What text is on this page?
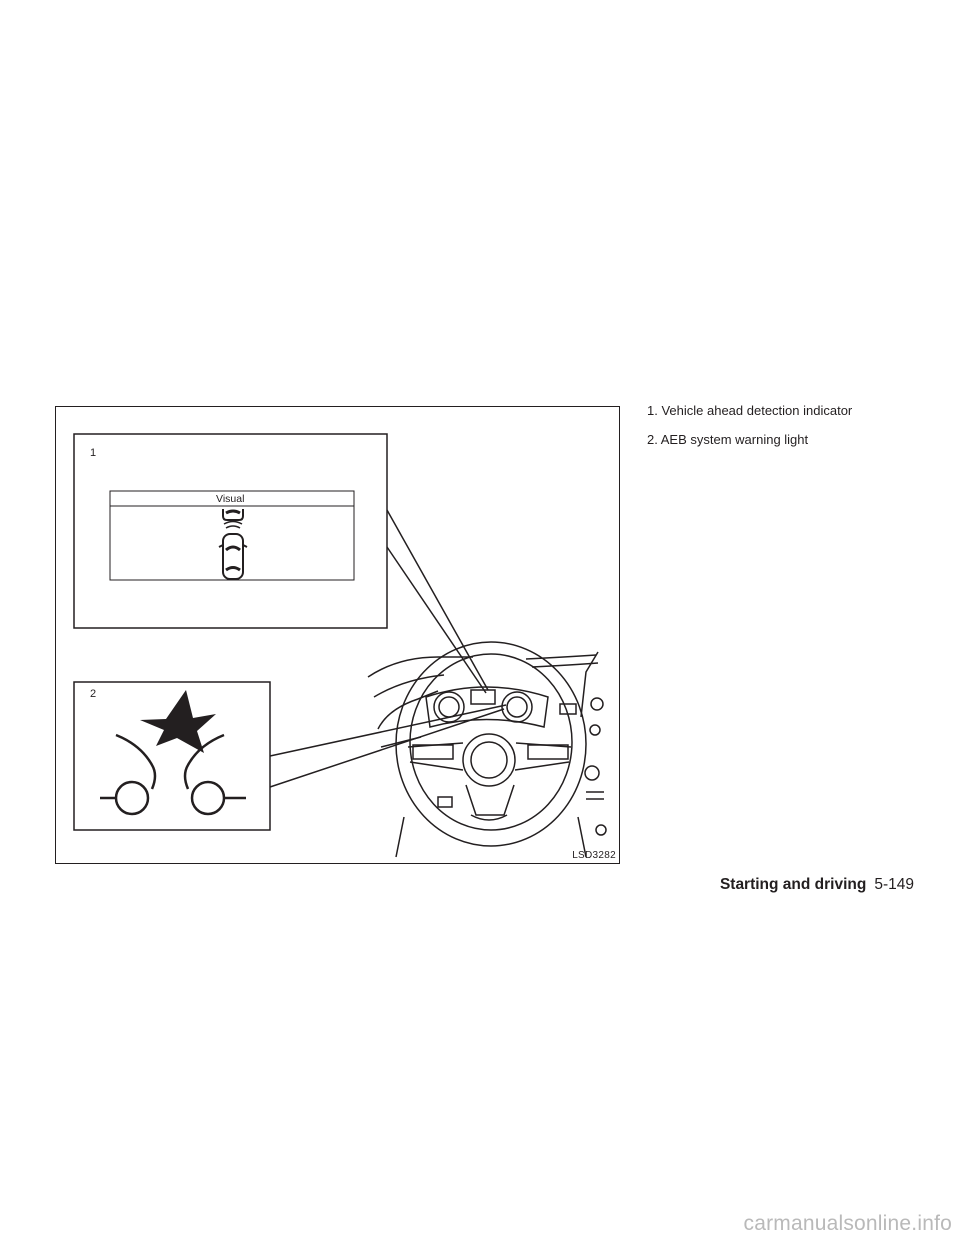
1
Visual
2
LSD3282
1. Vehicle ahead detection indicator
2. AEB system warning light
Starting and driving 5-149
carmanualsonline.info
